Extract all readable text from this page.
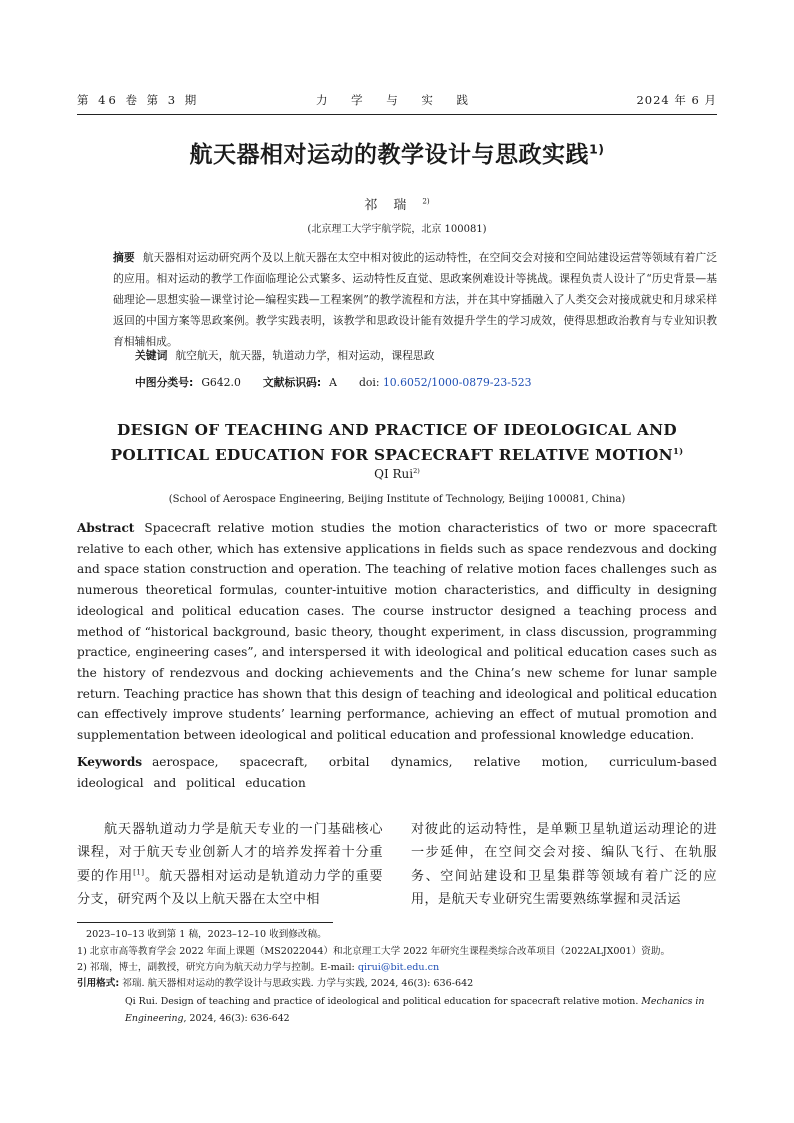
第 46 卷 第 3 期	力 学 与 实 践	2024 年 6 月
航天器相对运动的教学设计与思政实践$^{1)}$
祁瑞$^{2)}$
(北京理工大学宇航学院，北京 100081)
摘要 航天器相对运动研究两个及以上航天器在太空中相对彼此的运动特性，在空间交会对接和空间站建设运营等领域有着广泛的应用。相对运动的教学工作面临理论公式繁多、运动特性反直觉、思政案例难设计等挑战。课程负责人设计了“历史背景—基础理论—思想实验—课堂讨论—编程实践—工程案例”的教学流程和方法，并在其中穿插融入了人类交会对接成就史和月球采样返回的中国方案等思政案例。教学实践表明，该教学和思政设计能有效提升学生的学习成效，使得思想政治教育与专业知识教育相辅相成。
关键词 航空航天，航天器，轨道动力学，相对运动，课程思政
中图分类号: G642.0 文献标识码: A doi: 10.6052/1000-0879-23-523
DESIGN OF TEACHING AND PRACTICE OF IDEOLOGICAL AND
POLITICAL EDUCATION FOR SPACECRAFT RELATIVE MOTION$^{1)}$
QI Rui$^{2)}$
(School of Aerospace Engineering, Beijing Institute of Technology, Beijing 100081, China)
Abstract Spacecraft relative motion studies the motion characteristics of two or more spacecraft relative to each other, which has extensive applications in fields such as space rendezvous and docking and space station construction and operation. The teaching of relative motion faces challenges such as numerous theoretical formulas, counter-intuitive motion characteristics, and difficulty in designing ideological and political education cases. The course instructor designed a teaching process and method of “historical background, basic theory, thought experiment, in class discussion, programming practice, engineering cases”, and interspersed it with ideological and political education cases such as the history of rendezvous and docking achievements and the China’s new scheme for lunar sample return. Teaching practice has shown that this design of teaching and ideological and political education can effectively improve students’ learning performance, achieving an effect of mutual promotion and supplementation between ideological and political education and professional knowledge education.
Keywords aerospace, spacecraft, orbital dynamics, relative motion, curriculum-based ideological and political education
航天器轨道动力学是航天专业的一门基础核心课程，对于航天专业创新人才的培养发挥着十分重要的作用[1]。航天器相对运动是轨道动力学的重要分支，研究两个及以上航天器在太空中相
对彼此的运动特性，是单颗卫星轨道运动理论的进一步延伸，在空间交会对接、编队飞行、在轨服务、空间站建设和卫星集群等领域有着广泛的应用，是航天专业研究生需要熟练掌握和灵活运
2023–10–13 收到第 1 稿，2023–12–10 收到修改稿。
1) 北京市高等教育学会 2022 年面上课题（MS2022044）和北京理工大学 2022 年研究生课程类综合改革项目（2022ALJX001）资助。
2) 祁瑞，博士，副教授，研究方向为航天动力学与控制。E-mail: qirui@bit.edu.cn
引用格式: 祁瑞. 航天器相对运动的教学设计与思政实践. 力学与实践, 2024, 46(3): 636-642
Qi Rui. Design of teaching and practice of ideological and political education for spacecraft relative motion. Mechanics in Engineering, 2024, 46(3): 636-642
